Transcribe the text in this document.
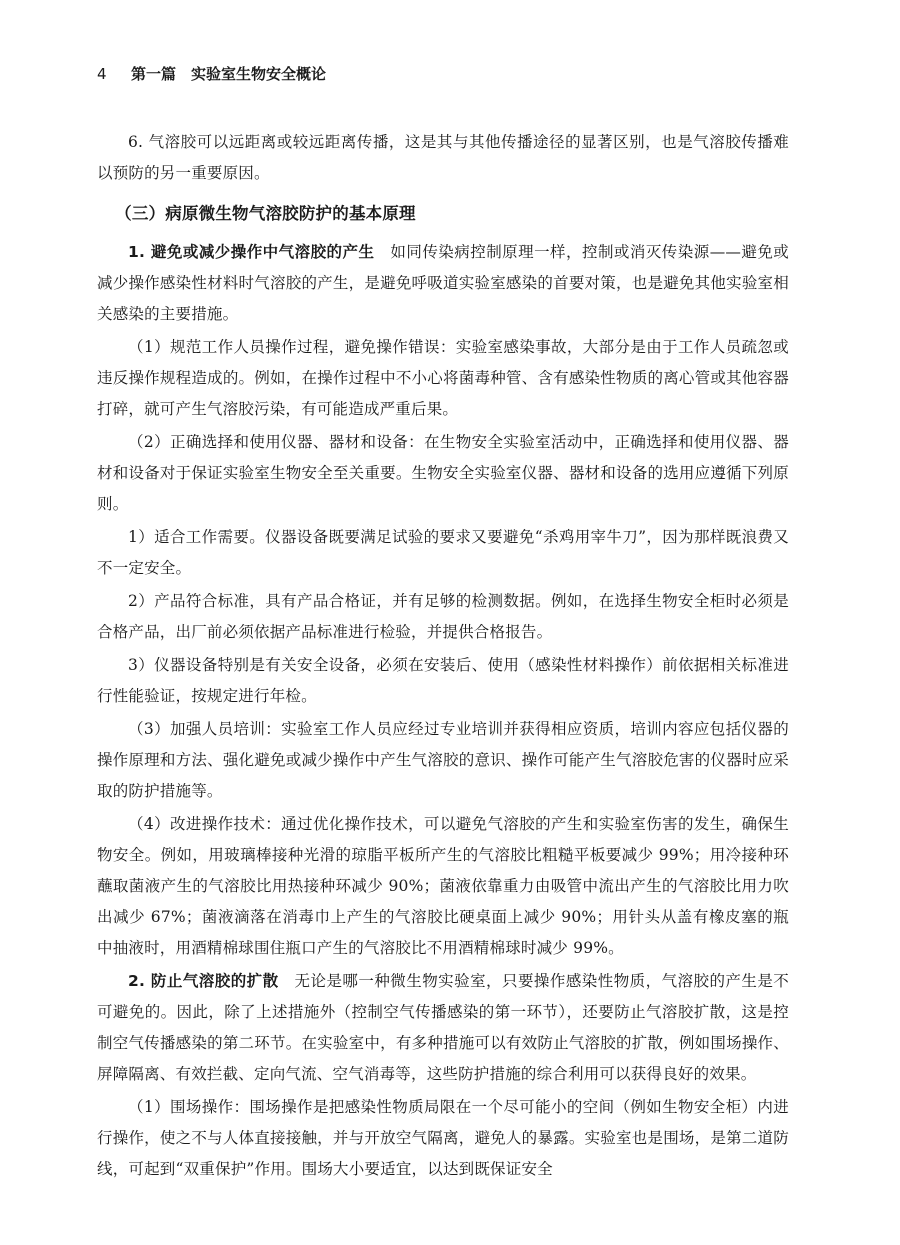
4 第一篇　实验室生物安全概论

6. 气溶胶可以远距离或较远距离传播，这是其与其他传播途径的显著区别，也是气溶胶传播难以预防的另一重要原因。

（三）病原微生物气溶胶防护的基本原理

1. 避免或减少操作中气溶胶的产生　如同传染病控制原理一样，控制或消灭传染源——避免或减少操作感染性材料时气溶胶的产生，是避免呼吸道实验室感染的首要对策，也是避免其他实验室相关感染的主要措施。

（1）规范工作人员操作过程，避免操作错误：实验室感染事故，大部分是由于工作人员疏忽或违反操作规程造成的。例如，在操作过程中不小心将菌毒种管、含有感染性物质的离心管或其他容器打碎，就可产生气溶胶污染，有可能造成严重后果。

（2）正确选择和使用仪器、器材和设备：在生物安全实验室活动中，正确选择和使用仪器、器材和设备对于保证实验室生物安全至关重要。生物安全实验室仪器、器材和设备的选用应遵循下列原则。

1）适合工作需要。仪器设备既要满足试验的要求又要避免“杀鸡用宰牛刀”，因为那样既浪费又不一定安全。

2）产品符合标准，具有产品合格证，并有足够的检测数据。例如，在选择生物安全柜时必须是合格产品，出厂前必须依据产品标准进行检验，并提供合格报告。

3）仪器设备特别是有关安全设备，必须在安装后、使用（感染性材料操作）前依据相关标准进行性能验证，按规定进行年检。

（3）加强人员培训：实验室工作人员应经过专业培训并获得相应资质，培训内容应包括仪器的操作原理和方法、强化避免或减少操作中产生气溶胶的意识、操作可能产生气溶胶危害的仪器时应采取的防护措施等。

（4）改进操作技术：通过优化操作技术，可以避免气溶胶的产生和实验室伤害的发生，确保生物安全。例如，用玻璃棒接种光滑的琼脂平板所产生的气溶胶比粗糙平板要减少 99%；用冷接种环蘸取菌液产生的气溶胶比用热接种环减少 90%；菌液依靠重力由吸管中流出产生的气溶胶比用力吹出减少 67%；菌液滴落在消毒巾上产生的气溶胶比硬桌面上减少 90%；用针头从盖有橡皮塞的瓶中抽液时，用酒精棉球围住瓶口产生的气溶胶比不用酒精棉球时减少 99%。

2. 防止气溶胶的扩散　无论是哪一种微生物实验室，只要操作感染性物质，气溶胶的产生是不可避免的。因此，除了上述措施外（控制空气传播感染的第一环节），还要防止气溶胶扩散，这是控制空气传播感染的第二环节。在实验室中，有多种措施可以有效防止气溶胶的扩散，例如围场操作、屏障隔离、有效拦截、定向气流、空气消毒等，这些防护措施的综合利用可以获得良好的效果。

（1）围场操作：围场操作是把感染性物质局限在一个尽可能小的空间（例如生物安全柜）内进行操作，使之不与人体直接接触，并与开放空气隔离，避免人的暴露。实验室也是围场，是第二道防线，可起到“双重保护”作用。围场大小要适宜，以达到既保证安全
